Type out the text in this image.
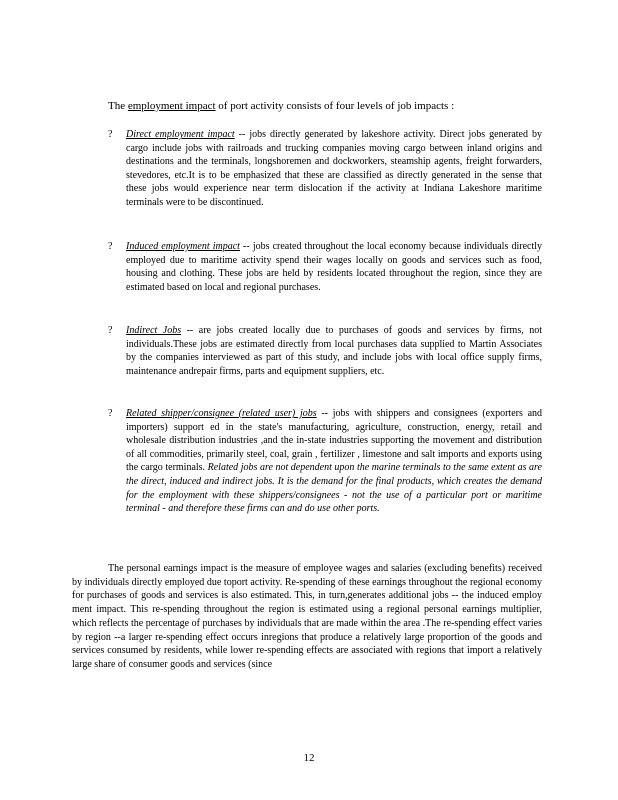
The employment impact of port activity consists of four levels of job impacts :

?	Direct employment impact -- jobs directly generated by lakeshore activity. Direct jobs generated by cargo include jobs with railroads and trucking companies moving cargo between inland origins and destinations and the terminals, longshoremen and dockworkers, steamship agents, freight forwarders, stevedores, etc.It is to be emphasized that these are classified as directly generated in the sense that these jobs would experience near term dislocation if the activity at Indiana Lakeshore maritime terminals were to be discontinued.
?	Induced employment impact -- jobs created throughout the local economy because individuals directly employed due to maritime activity spend their wages locally on goods and services such as food, housing and clothing. These jobs are held by residents located throughout the region, since they are estimated based on local and regional purchases.
?	Indirect Jobs -- are jobs created locally due to purchases of goods and services by firms, not individuals.These jobs are estimated directly from local purchases data supplied to Martin Associates by the companies interviewed as part of this study, and include jobs with local office supply firms, maintenance andrepair firms, parts and equipment suppliers, etc.
?	Related shipper/consignee (related user) jobs -- jobs with shippers and consignees (exporters and importers) support ed in the state's manufacturing, agriculture, construction, energy, retail and wholesale distribution industries ,and the in-state industries supporting the movement and distribution of all commodities, primarily steel, coal, grain , fertilizer , limestone and salt imports and exports using the cargo terminals. Related jobs are not dependent upon the marine terminals to the same extent as are the direct, induced and indirect jobs. It is the demand for the final products, which creates the demand for the employment with these shippers/consignees - not the use of a particular port or maritime terminal - and therefore these firms can and do use other ports.

The personal earnings impact is the measure of employee wages and salaries (excluding benefits) received by individuals directly employed due toport activity. Re-spending of these earnings throughout the regional economy for purchases of goods and services is also estimated. This, in turn,generates additional jobs -- the induced employ ment impact. This re-spending throughout the region is estimated using a regional personal earnings multiplier, which reflects the percentage of purchases by individuals that are made within the area .The re-spending effect varies by region --a larger re-spending effect occurs inregions that produce a relatively large proportion of the goods and services consumed by residents, while lower re-spending effects are associated with regions that import a relatively large share of consumer goods and services (since

12
